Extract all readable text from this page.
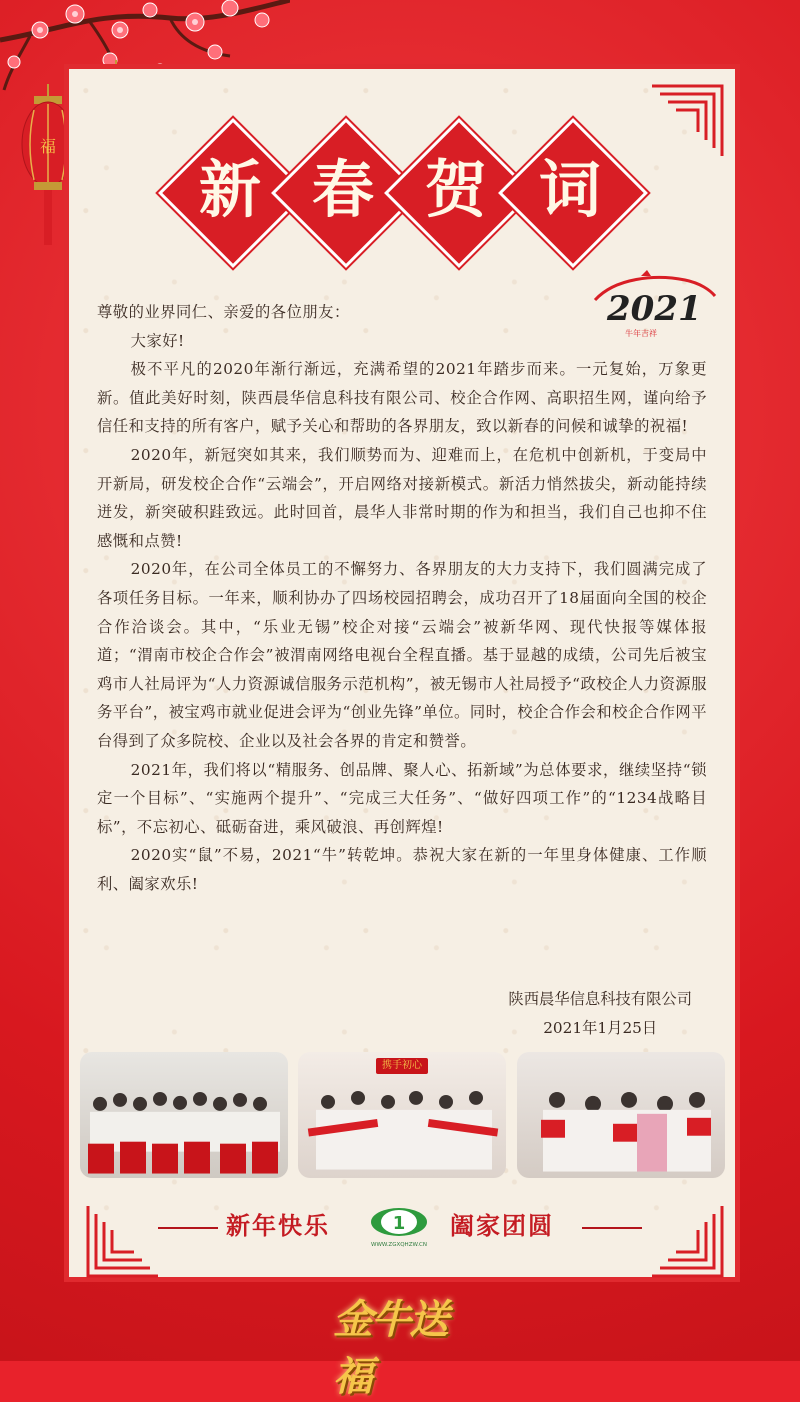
福
新 春 贺 词
2021
牛年吉祥

尊敬的业界同仁、亲爱的各位朋友：

大家好!

极不平凡的2020年渐行渐远，充满希望的2021年踏步而来。一元复始，万象更新。值此美好时刻，陕西晨华信息科技有限公司、校企合作网、高职招生网，谨向给予信任和支持的所有客户，赋予关心和帮助的各界朋友，致以新春的问候和诚挚的祝福!

2020年，新冠突如其来，我们顺势而为、迎难而上，在危机中创新机，于变局中开新局，研发校企合作“云端会”，开启网络对接新模式。新活力悄然拔尖，新动能持续迸发，新突破积跬致远。此时回首，晨华人非常时期的作为和担当，我们自己也抑不住感慨和点赞!

2020年，在公司全体员工的不懈努力、各界朋友的大力支持下，我们圆满完成了各项任务目标。一年来，顺利协办了四场校园招聘会，成功召开了18届面向全国的校企合作洽谈会。其中，“乐业无锡”校企对接“云端会”被新华网、现代快报等媒体报道；“渭南市校企合作会”被渭南网络电视台全程直播。基于显越的成绩，公司先后被宝鸡市人社局评为“人力资源诚信服务示范机构”，被无锡市人社局授予“政校企人力资源服务平台”，被宝鸡市就业促进会评为“创业先锋”单位。同时，校企合作会和校企合作网平台得到了众多院校、企业以及社会各界的肯定和赞誉。

2021年，我们将以“精服务、创品牌、聚人心、拓新域”为总体要求，继续坚持“锁定一个目标”、“实施两个提升”、“完成三大任务”、“做好四项工作”的“1234战略目标”，不忘初心、砥砺奋进，乘风破浪、再创辉煌!

2020实“鼠”不易，2021“牛”转乾坤。恭祝大家在新的一年里身体健康、工作顺利、阖家欢乐!

陕西晨华信息科技有限公司
2021年1月25日
携手初心
新年快乐	1
WWW.ZGXQHZW.CN
阖家团圆
金牛送福
